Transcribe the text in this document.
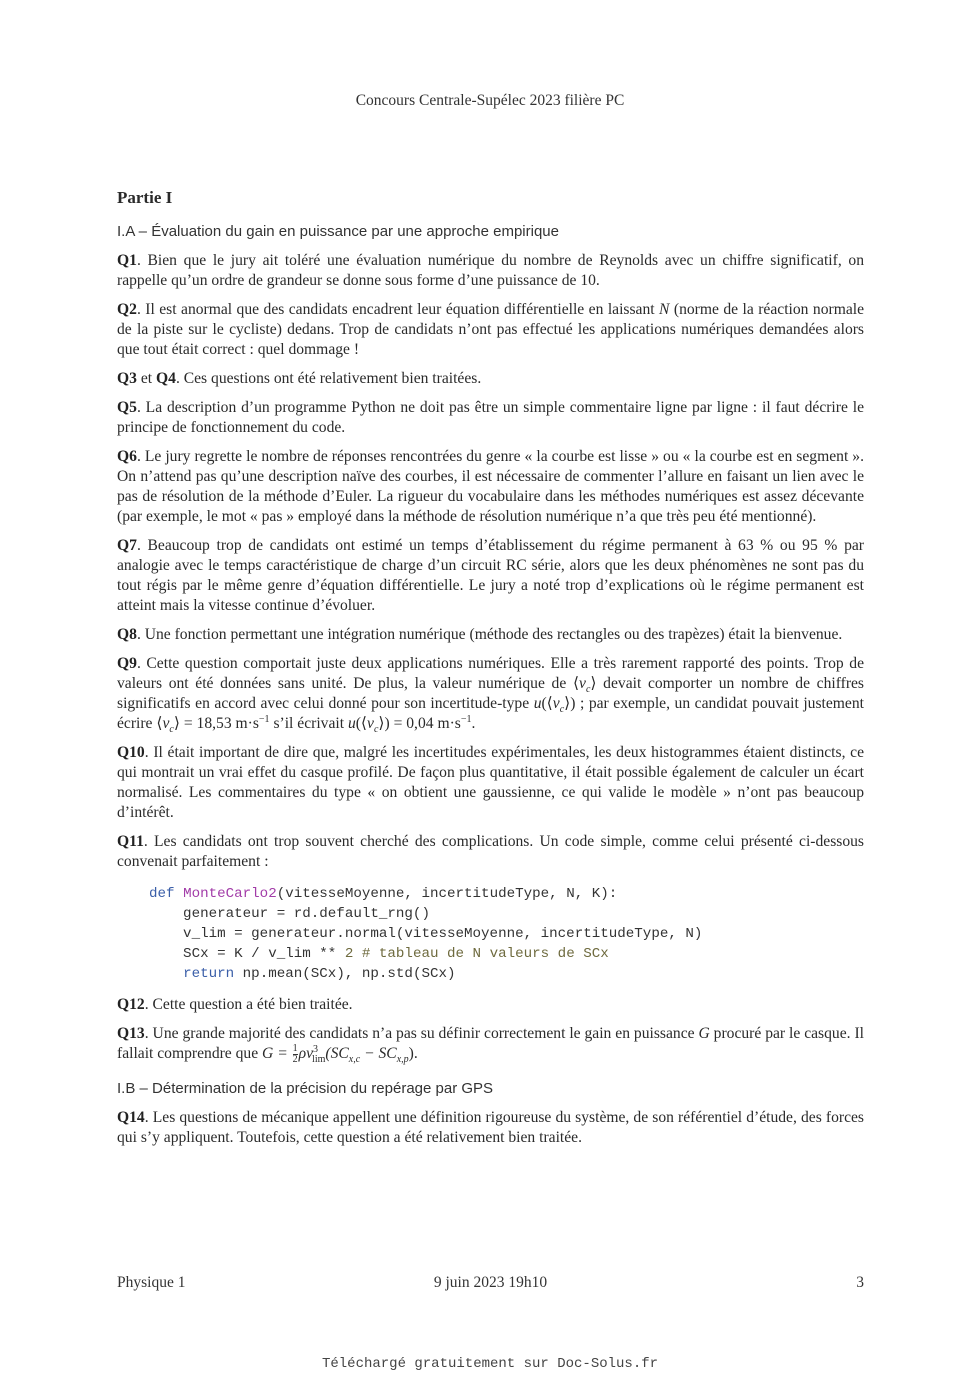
Concours Centrale-Supélec 2023 filière PC
Partie I
I.A – Évaluation du gain en puissance par une approche empirique

Q1. Bien que le jury ait toléré une évaluation numérique du nombre de Reynolds avec un chiffre significatif, on rappelle qu’un ordre de grandeur se donne sous forme d’une puissance de 10.

Q2. Il est anormal que des candidats encadrent leur équation différentielle en laissant N (norme de la réaction normale de la piste sur le cycliste) dedans. Trop de candidats n’ont pas effectué les applications numériques demandées alors que tout était correct : quel dommage !

Q3 et Q4. Ces questions ont été relativement bien traitées.

Q5. La description d’un programme Python ne doit pas être un simple commentaire ligne par ligne : il faut décrire le principe de fonctionnement du code.

Q6. Le jury regrette le nombre de réponses rencontrées du genre « la courbe est lisse » ou « la courbe est en segment ». On n’attend pas qu’une description naïve des courbes, il est nécessaire de commenter l’allure en faisant un lien avec le pas de résolution de la méthode d’Euler. La rigueur du vocabulaire dans les méthodes numériques est assez décevante (par exemple, le mot « pas » employé dans la méthode de résolution numérique n’a que très peu été mentionné).

Q7. Beaucoup trop de candidats ont estimé un temps d’établissement du régime permanent à 63 % ou 95 % par analogie avec le temps caractéristique de charge d’un circuit RC série, alors que les deux phénomènes ne sont pas du tout régis par le même genre d’équation différentielle. Le jury a noté trop d’explications où le régime permanent est atteint mais la vitesse continue d’évoluer.

Q8. Une fonction permettant une intégration numérique (méthode des rectangles ou des trapèzes) était la bienvenue.

Q9. Cette question comportait juste deux applications numériques. Elle a très rarement rapporté des points. Trop de valeurs ont été données sans unité. De plus, la valeur numérique de $⟨v_c⟩$ devait comporter un nombre de chiffres significatifs en accord avec celui donné pour son incertitude-type $u(⟨v_c⟩)$ ; par exemple, un candidat pouvait justement écrire $⟨v_c⟩ = 18,53$ $m\cdot s^{-1}$ s’il écrivait $u(⟨v_c⟩) = 0,04$ $m\cdot s^{-1}$.

Q10. Il était important de dire que, malgré les incertitudes expérimentales, les deux histogrammes étaient distincts, ce qui montrait un vrai effet du casque profilé. De façon plus quantitative, il était possible également de calculer un écart normalisé. Les commentaires du type « on obtient une gaussienne, ce qui valide le modèle » n’ont pas beaucoup d’intérêt.

Q11. Les candidats ont trop souvent cherché des complications. Un code simple, comme celui présenté ci-dessous convenait parfaitement :

def MonteCarlo2(vitesseMoyenne, incertitudeType, N, K):
generateur = rd.default_rng()
v_lim = generateur.normal(vitesseMoyenne, incertitudeType, N)
SCx = K / v_lim ** 2 # tableau de N valeurs de SCx
return np.mean(SCx), np.std(SCx)

Q12. Cette question a été bien traitée.

Q13. Une grande majorité des candidats n’a pas su définir correctement le gain en puissance G procuré par le casque. Il fallait comprendre que $G = \frac{1}{2} \rho v^3_{lim}(SC_{x,c} - SC_{x,p})$.

I.B – Détermination de la précision du repérage par GPS

Q14. Les questions de mécanique appellent une définition rigoureuse du système, de son référentiel d’étude, des forces qui s’y appliquent. Toutefois, cette question a été relativement bien traitée.

Physique 1	9 juin 2023 19h10	3
Téléchargé gratuitement sur Doc-Solus.fr
